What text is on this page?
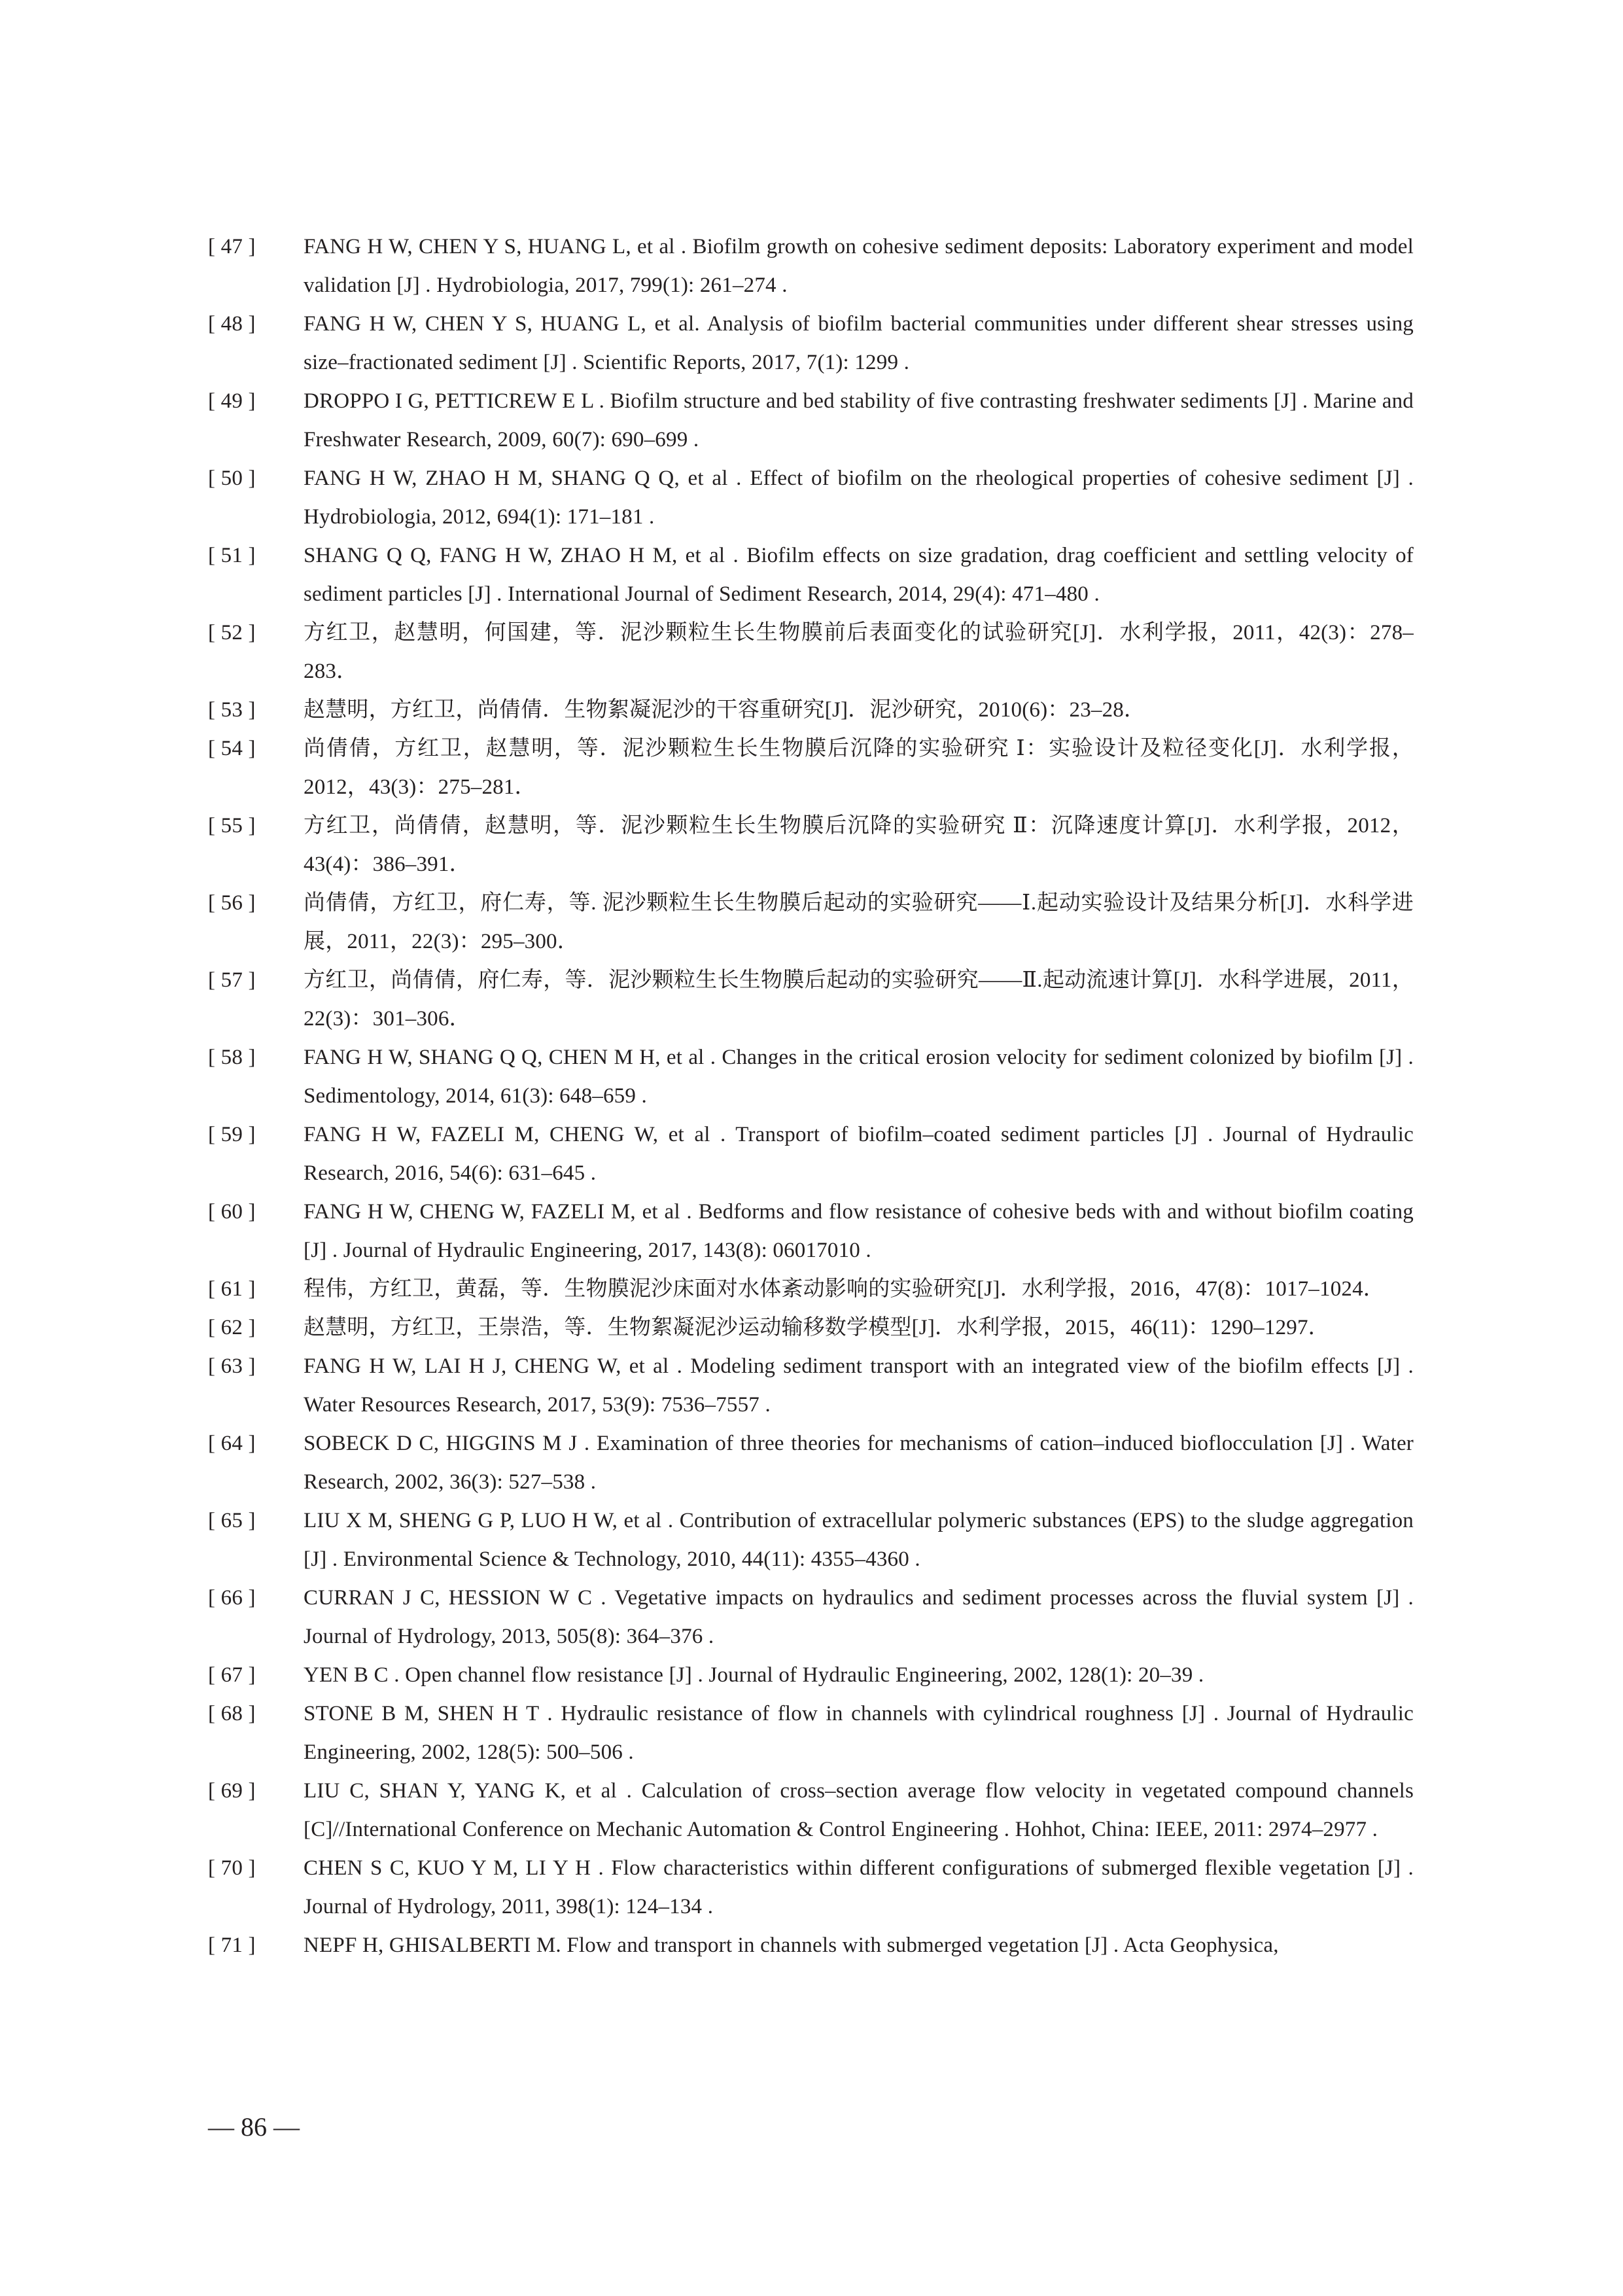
[ 47 ]	FANG H W, CHEN Y S, HUANG L, et al . Biofilm growth on cohesive sediment deposits: Laboratory experiment and model validation [J] . Hydrobiologia, 2017, 799(1): 261–274 .
[ 48 ]	FANG H W, CHEN Y S, HUANG L, et al. Analysis of biofilm bacterial communities under different shear stresses using size–fractionated sediment [J] . Scientific Reports, 2017, 7(1): 1299 .
[ 49 ]	DROPPO I G, PETTICREW E L . Biofilm structure and bed stability of five contrasting freshwater sediments [J] . Marine and Freshwater Research, 2009, 60(7): 690–699 .
[ 50 ]	FANG H W, ZHAO H M, SHANG Q Q, et al . Effect of biofilm on the rheological properties of cohesive sediment [J] . Hydrobiologia, 2012, 694(1): 171–181 .
[ 51 ]	SHANG Q Q, FANG H W, ZHAO H M, et al . Biofilm effects on size gradation, drag coefficient and settling velocity of sediment particles [J] . International Journal of Sediment Research, 2014, 29(4): 471–480 .
[ 52 ]	方红卫，赵慧明，何国建，等．泥沙颗粒生长生物膜前后表面变化的试验研究[J]．水利学报，2011，42(3)：278–283．
[ 53 ]	赵慧明，方红卫，尚倩倩．生物絮凝泥沙的干容重研究[J]．泥沙研究，2010(6)：23–28．
[ 54 ]	尚倩倩，方红卫，赵慧明，等．泥沙颗粒生长生物膜后沉降的实验研究 Ⅰ：实验设计及粒径变化[J]．水利学报，2012，43(3)：275–281．
[ 55 ]	方红卫，尚倩倩，赵慧明，等．泥沙颗粒生长生物膜后沉降的实验研究 Ⅱ：沉降速度计算[J]．水利学报，2012，43(4)：386–391．
[ 56 ]	尚倩倩，方红卫，府仁寿，等. 泥沙颗粒生长生物膜后起动的实验研究——Ⅰ.起动实验设计及结果分析[J]．水科学进展，2011，22(3)：295–300．
[ 57 ]	方红卫，尚倩倩，府仁寿，等．泥沙颗粒生长生物膜后起动的实验研究——Ⅱ.起动流速计算[J]．水科学进展，2011，22(3)：301–306．
[ 58 ]	FANG H W, SHANG Q Q, CHEN M H, et al . Changes in the critical erosion velocity for sediment colonized by biofilm [J] . Sedimentology, 2014, 61(3): 648–659 .
[ 59 ]	FANG H W, FAZELI M, CHENG W, et al . Transport of biofilm–coated sediment particles [J] . Journal of Hydraulic Research, 2016, 54(6): 631–645 .
[ 60 ]	FANG H W, CHENG W, FAZELI M, et al . Bedforms and flow resistance of cohesive beds with and without biofilm coating [J] . Journal of Hydraulic Engineering, 2017, 143(8): 06017010 .
[ 61 ]	程伟，方红卫，黄磊，等．生物膜泥沙床面对水体紊动影响的实验研究[J]．水利学报，2016，47(8)：1017–1024．
[ 62 ]	赵慧明，方红卫，王崇浩，等．生物絮凝泥沙运动输移数学模型[J]．水利学报，2015，46(11)：1290–1297．
[ 63 ]	FANG H W, LAI H J, CHENG W, et al . Modeling sediment transport with an integrated view of the biofilm effects [J] . Water Resources Research, 2017, 53(9): 7536–7557 .
[ 64 ]	SOBECK D C, HIGGINS M J . Examination of three theories for mechanisms of cation–induced bioflocculation [J] . Water Research, 2002, 36(3): 527–538 .
[ 65 ]	LIU X M, SHENG G P, LUO H W, et al . Contribution of extracellular polymeric substances (EPS) to the sludge aggregation [J] . Environmental Science & Technology, 2010, 44(11): 4355–4360 .
[ 66 ]	CURRAN J C, HESSION W C . Vegetative impacts on hydraulics and sediment processes across the fluvial system [J] . Journal of Hydrology, 2013, 505(8): 364–376 .
[ 67 ]	YEN B C . Open channel flow resistance [J] . Journal of Hydraulic Engineering, 2002, 128(1): 20–39 .
[ 68 ]	STONE B M, SHEN H T . Hydraulic resistance of flow in channels with cylindrical roughness [J] . Journal of Hydraulic Engineering, 2002, 128(5): 500–506 .
[ 69 ]	LIU C, SHAN Y, YANG K, et al . Calculation of cross–section average flow velocity in vegetated compound channels [C]//International Conference on Mechanic Automation & Control Engineering . Hohhot, China: IEEE, 2011: 2974–2977 .
[ 70 ]	CHEN S C, KUO Y M, LI Y H . Flow characteristics within different configurations of submerged flexible vegetation [J] . Journal of Hydrology, 2011, 398(1): 124–134 .
[ 71 ]	NEPF H, GHISALBERTI M. Flow and transport in channels with submerged vegetation [J] . Acta Geophysica,
— 86 —
